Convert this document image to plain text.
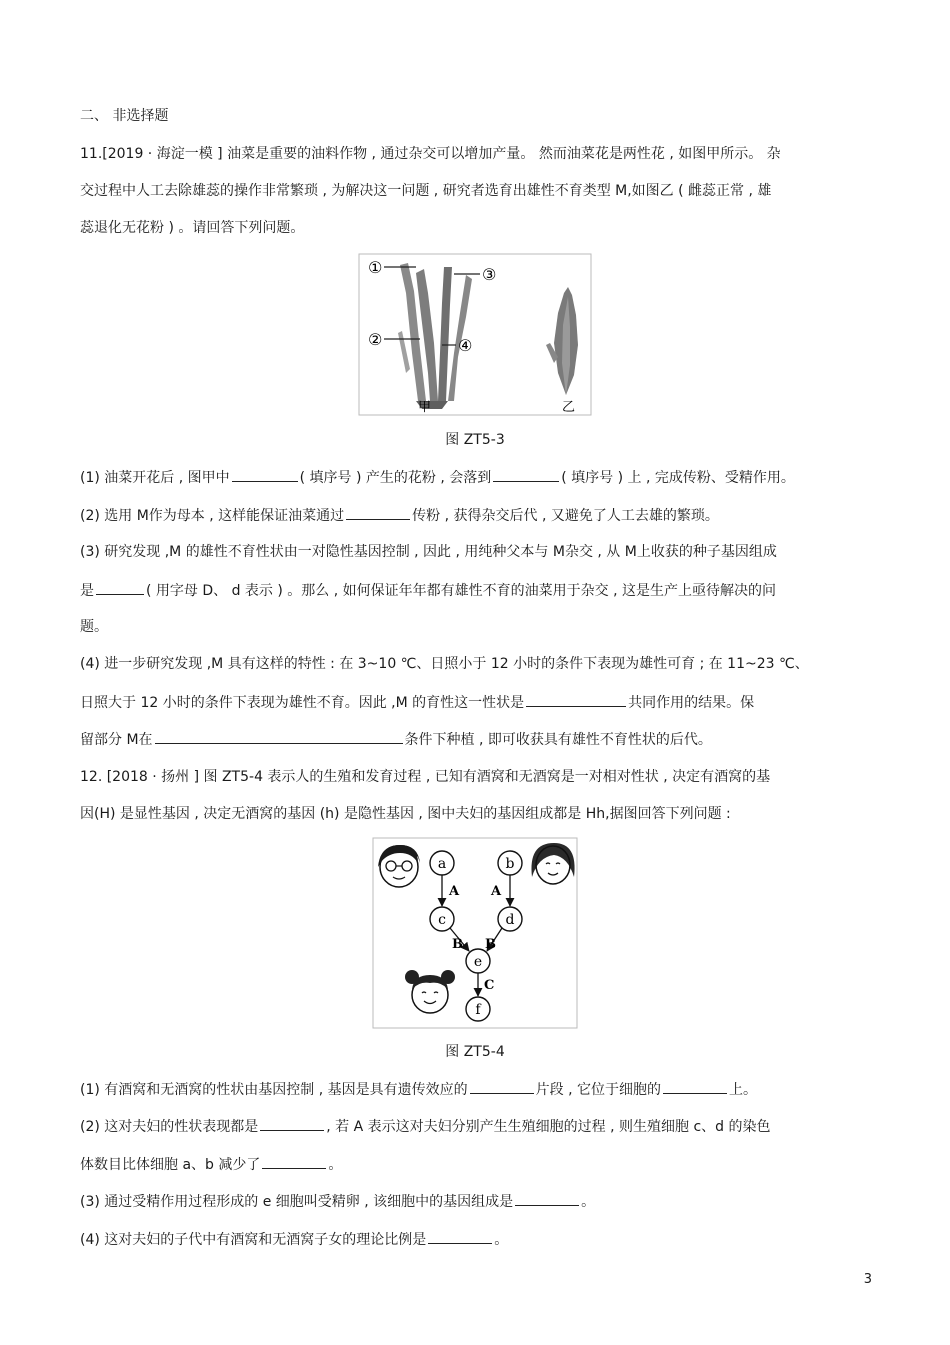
二、 非选择题
11.[2019 · 海淀一模 ] 油菜是重要的油料作物 , 通过杂交可以增加产量。 然而油菜花是两性花 , 如图甲所示。 杂
交过程中人工去除雄蕊的操作非常繁琐 , 为解决这一问题 , 研究者选育出雄性不育类型 M,如图乙 ( 雌蕊正常 , 雄
蕊退化无花粉 ) 。请回答下列问题。
①
②
③
④
甲	乙
图 ZT5-3
(1) 油菜开花后 , 图甲中	( 填序号 ) 产生的花粉 , 会落到	( 填序号 ) 上 , 完成传粉、受精作用。
(2) 选用 M作为母本 , 这样能保证油菜通过	传粉 , 获得杂交后代 , 又避免了人工去雄的繁琐。
(3) 研究发现 ,M 的雄性不育性状由一对隐性基因控制 , 因此 , 用纯种父本与 M杂交 , 从 M上收获的种子基因组成
是	( 用字母 D、 d 表示 ) 。那么 , 如何保证年年都有雄性不育的油菜用于杂交 , 这是生产上亟待解决的问
题。
(4) 进一步研究发现 ,M 具有这样的特性 : 在 3~10 ℃、日照小于 12 小时的条件下表现为雄性可育 ; 在 11~23 ℃、
日照大于 12 小时的条件下表现为雄性不育。因此 ,M 的育性这一性状是	共同作用的结果。保
留部分 M在	条件下种植 , 即可收获具有雄性不育性状的后代。
12. [2018 · 扬州 ] 图 ZT5-4 表示人的生殖和发育过程 , 已知有酒窝和无酒窝是一对相对性状 , 决定有酒窝的基
因(H) 是显性基因 , 决定无酒窝的基因 (h) 是隐性基因 , 图中夫妇的基因组成都是 Hh,据图回答下列问题 :
a	b
c	d
e
f
A A
B B
C
图 ZT5-4
(1) 有酒窝和无酒窝的性状由基因控制 , 基因是具有遗传效应的	片段 , 它位于细胞的	上。
(2) 这对夫妇的性状表现都是	, 若 A 表示这对夫妇分别产生生殖细胞的过程 , 则生殖细胞 c、d 的染色
体数目比体细胞 a、b 减少了	。
(3) 通过受精作用过程形成的 e 细胞叫受精卵 , 该细胞中的基因组成是	。
(4) 这对夫妇的子代中有酒窝和无酒窝子女的理论比例是	。
3
